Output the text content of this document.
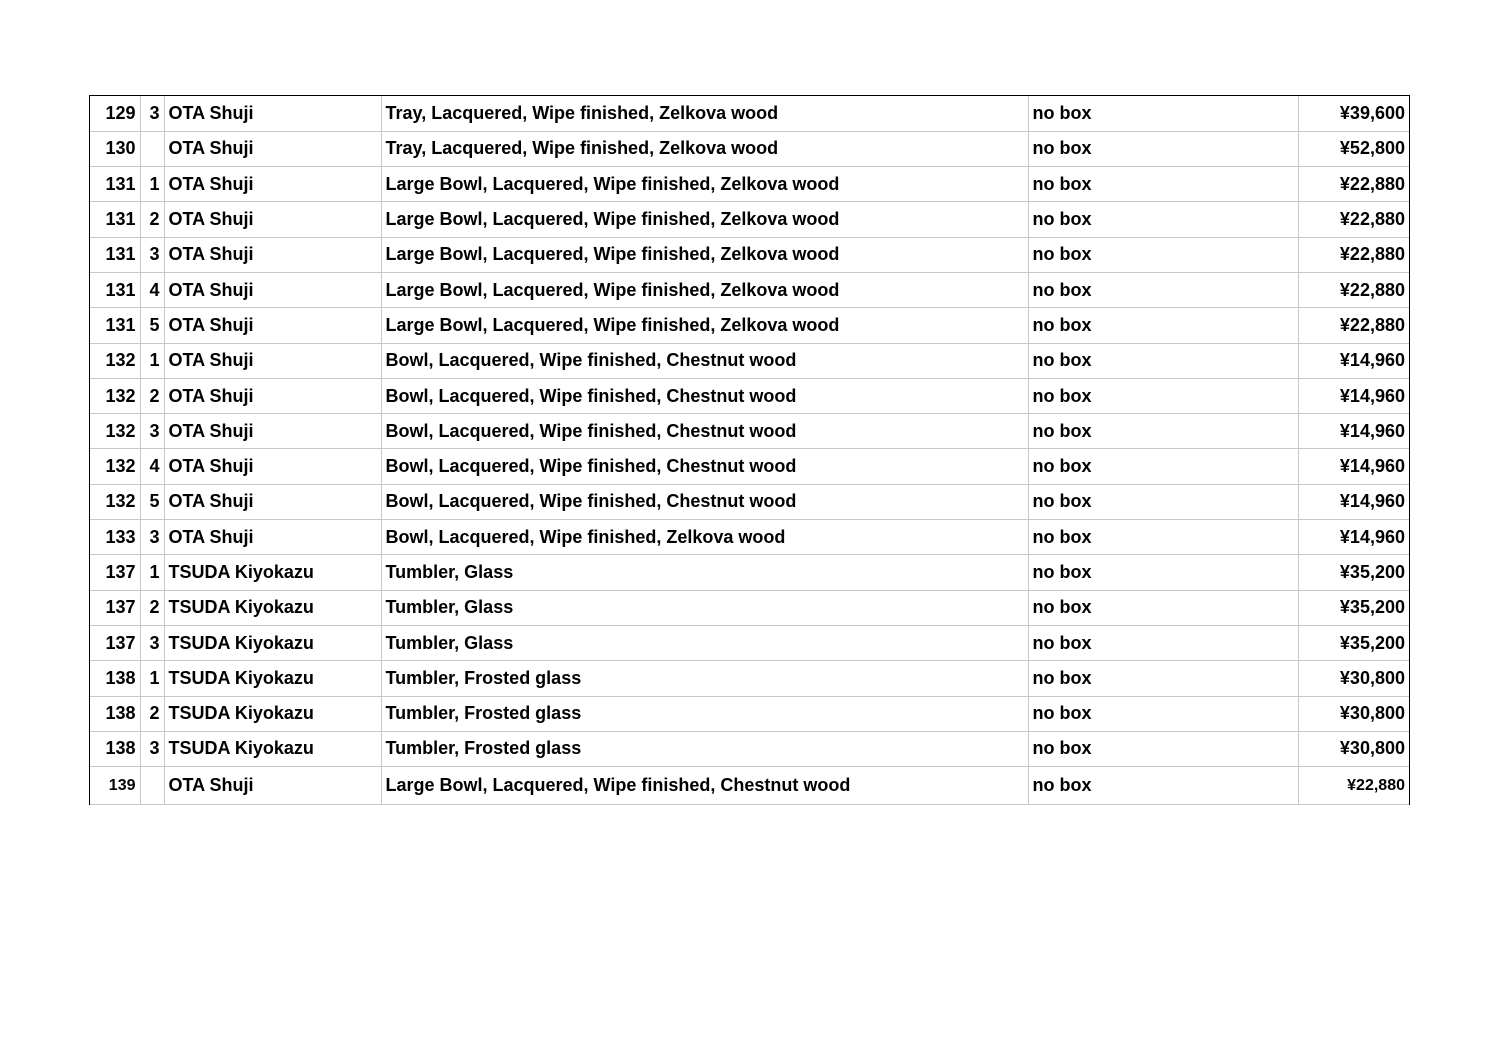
129	3	OTA Shuji	Tray, Lacquered, Wipe finished, Zelkova wood	no box	¥39,600
130		OTA Shuji	Tray, Lacquered, Wipe finished, Zelkova wood	no box	¥52,800
131	1	OTA Shuji	Large Bowl, Lacquered, Wipe finished, Zelkova wood	no box	¥22,880
131	2	OTA Shuji	Large Bowl, Lacquered, Wipe finished, Zelkova wood	no box	¥22,880
131	3	OTA Shuji	Large Bowl, Lacquered, Wipe finished, Zelkova wood	no box	¥22,880
131	4	OTA Shuji	Large Bowl, Lacquered, Wipe finished, Zelkova wood	no box	¥22,880
131	5	OTA Shuji	Large Bowl, Lacquered, Wipe finished, Zelkova wood	no box	¥22,880
132	1	OTA Shuji	Bowl, Lacquered, Wipe finished, Chestnut wood	no box	¥14,960
132	2	OTA Shuji	Bowl, Lacquered, Wipe finished, Chestnut wood	no box	¥14,960
132	3	OTA Shuji	Bowl, Lacquered, Wipe finished, Chestnut wood	no box	¥14,960
132	4	OTA Shuji	Bowl, Lacquered, Wipe finished, Chestnut wood	no box	¥14,960
132	5	OTA Shuji	Bowl, Lacquered, Wipe finished, Chestnut wood	no box	¥14,960
133	3	OTA Shuji	Bowl, Lacquered, Wipe finished, Zelkova wood	no box	¥14,960
137	1	TSUDA Kiyokazu	Tumbler, Glass	no box	¥35,200
137	2	TSUDA Kiyokazu	Tumbler, Glass	no box	¥35,200
137	3	TSUDA Kiyokazu	Tumbler, Glass	no box	¥35,200
138	1	TSUDA Kiyokazu	Tumbler, Frosted glass	no box	¥30,800
138	2	TSUDA Kiyokazu	Tumbler, Frosted glass	no box	¥30,800
138	3	TSUDA Kiyokazu	Tumbler, Frosted glass	no box	¥30,800
139		OTA Shuji	Large Bowl, Lacquered, Wipe finished, Chestnut wood	no box	¥22,880
